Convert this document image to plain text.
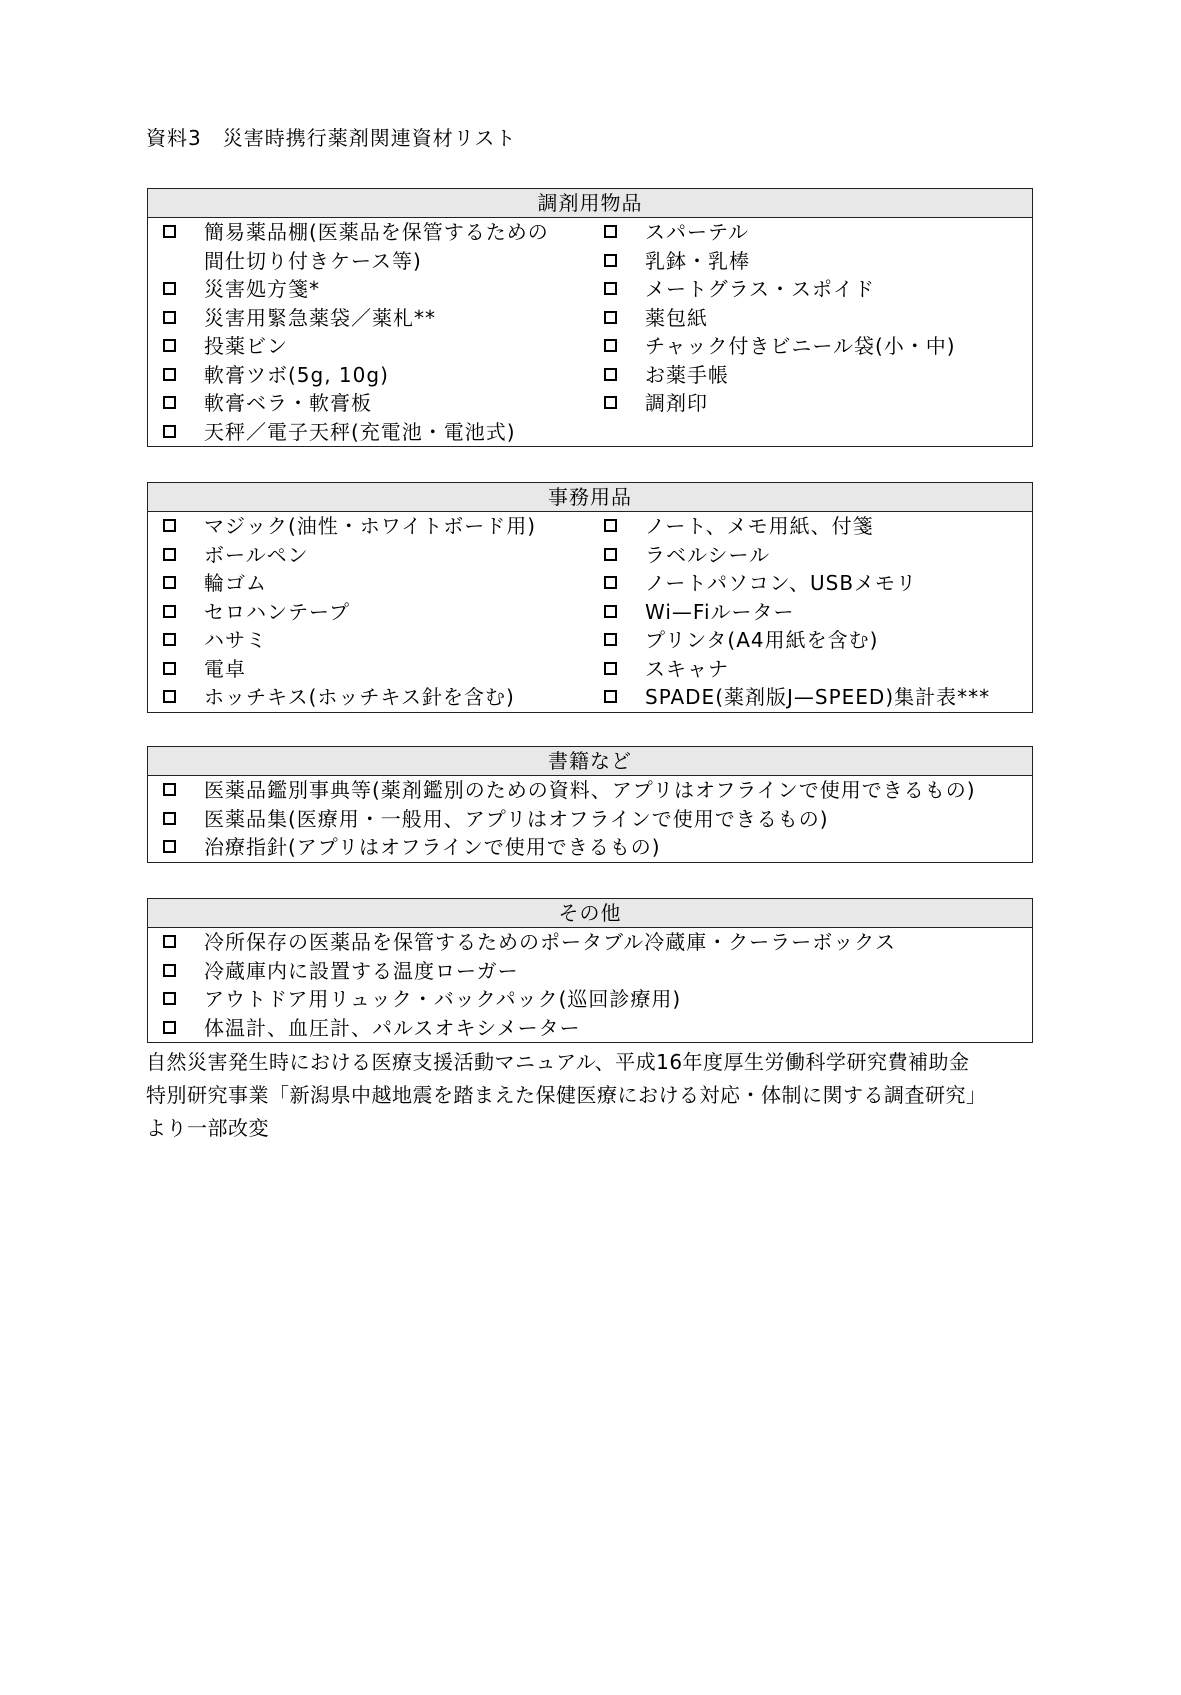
資料3　災害時携行薬剤関連資材リスト
調剤用物品
簡易薬品棚(医薬品を保管するための
間仕切り付きケース等)
災害処方箋*
災害用緊急薬袋／薬札**
投薬ビン
軟膏ツボ(5g, 10g)
軟膏ベラ・軟膏板
天秤／電子天秤(充電池・電池式)
スパーテル
乳鉢・乳棒
メートグラス・スポイド
薬包紙
チャック付きビニール袋(小・中)
お薬手帳
調剤印
事務用品
マジック(油性・ホワイトボード用)
ボールペン
輪ゴム
セロハンテープ
ハサミ
電卓
ホッチキス(ホッチキス針を含む)
ノート、メモ用紙、付箋
ラベルシール
ノートパソコン、USBメモリ
Wi—Fiルーター
プリンタ(A4用紙を含む)
スキャナ
SPADE(薬剤版J—SPEED)集計表***
書籍など
医薬品鑑別事典等(薬剤鑑別のための資料、アプリはオフラインで使用できるもの)
医薬品集(医療用・一般用、アプリはオフラインで使用できるもの)
治療指針(アプリはオフラインで使用できるもの)
その他
冷所保存の医薬品を保管するためのポータブル冷蔵庫・クーラーボックス
冷蔵庫内に設置する温度ローガー
アウトドア用リュック・バックパック(巡回診療用)
体温計、血圧計、パルスオキシメーター
自然災害発生時における医療支援活動マニュアル、平成16年度厚生労働科学研究費補助金
特別研究事業「新潟県中越地震を踏まえた保健医療における対応・体制に関する調査研究」
より一部改変
